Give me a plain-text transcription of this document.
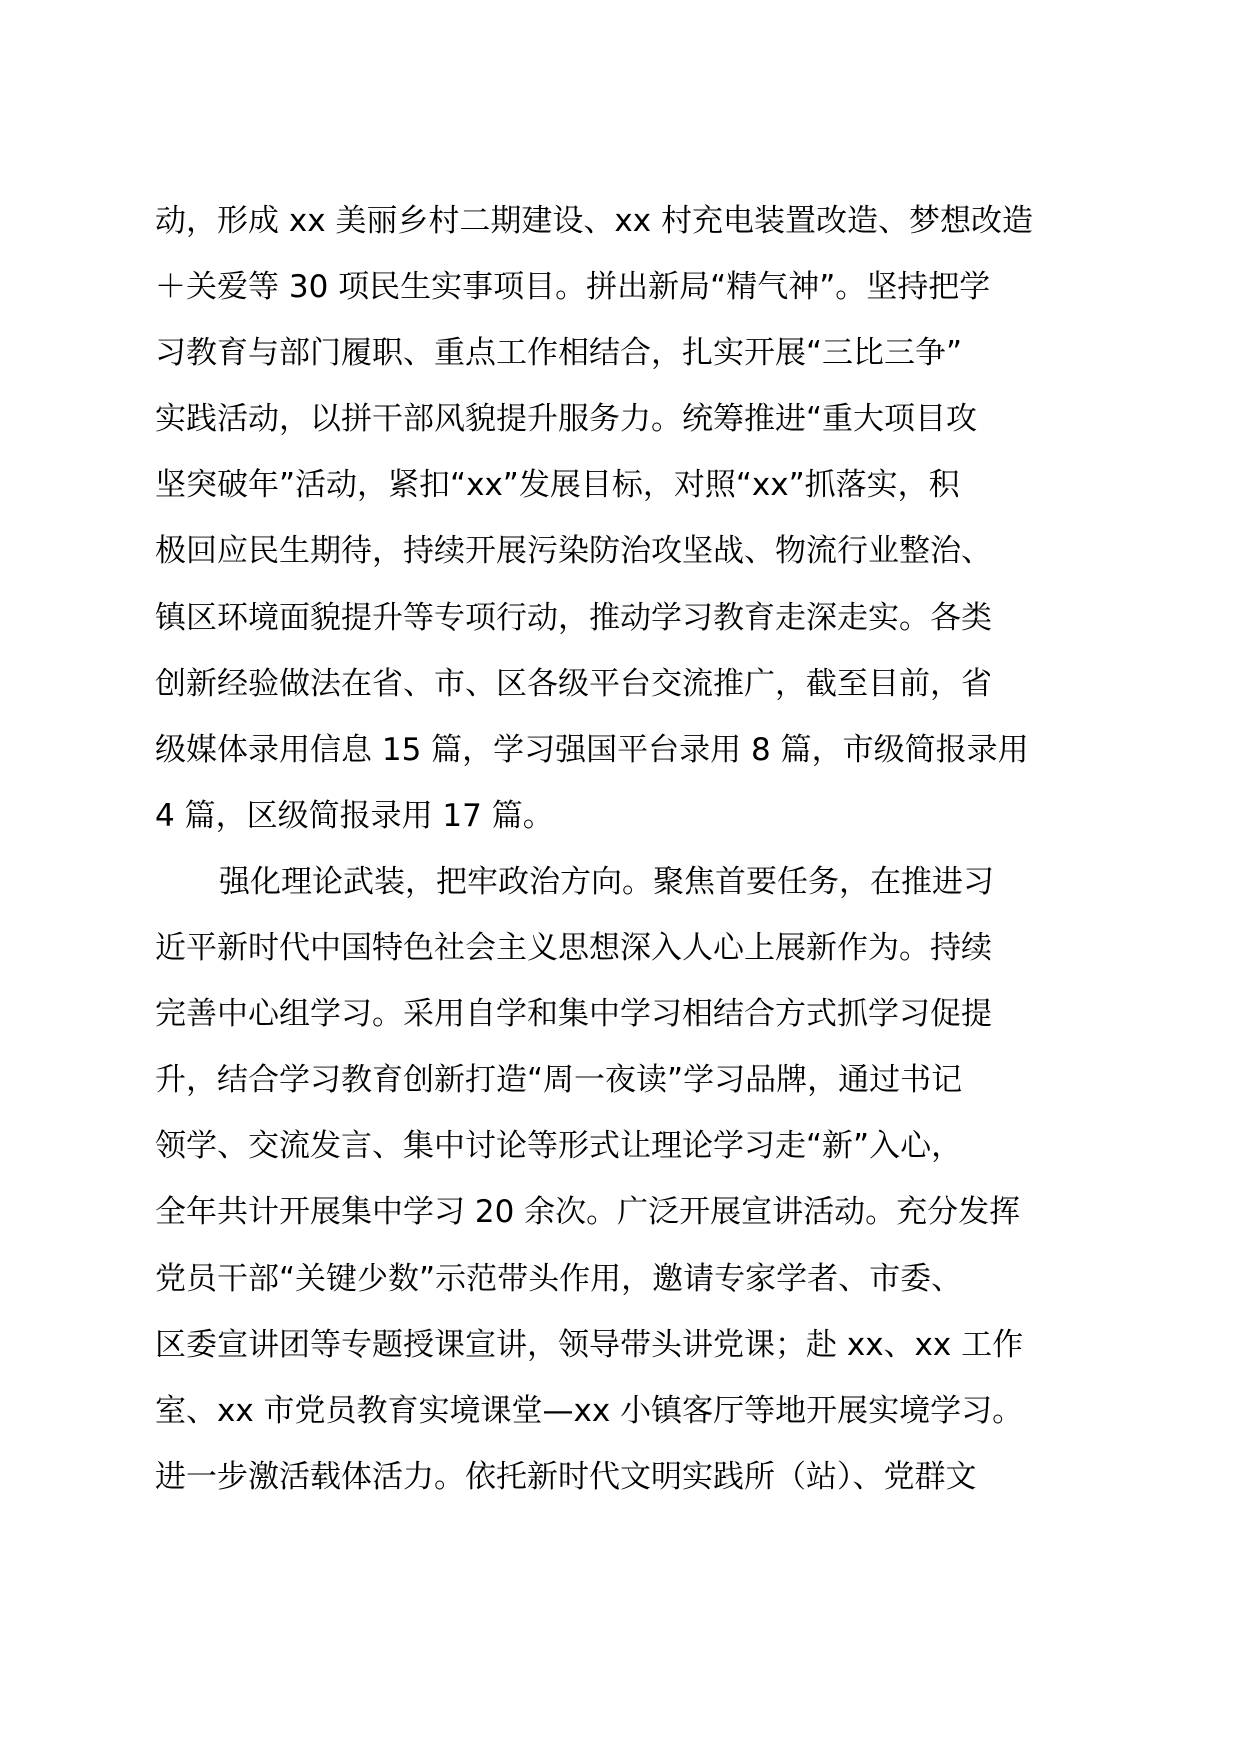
动，形成 xx 美丽乡村二期建设、xx 村充电装置改造、梦想改造
＋关爱等 30 项民生实事项目。拼出新局“精气神”。坚持把学
习教育与部门履职、重点工作相结合，扎实开展“三比三争”
实践活动，以拼干部风貌提升服务力。统筹推进“重大项目攻
坚突破年”活动，紧扣“xx”发展目标，对照“xx”抓落实，积
极回应民生期待，持续开展污染防治攻坚战、物流行业整治、
镇区环境面貌提升等专项行动，推动学习教育走深走实。各类
创新经验做法在省、市、区各级平台交流推广，截至目前，省
级媒体录用信息 15 篇，学习强国平台录用 8 篇，市级简报录用
4 篇，区级简报录用 17 篇。
强化理论武装，把牢政治方向。聚焦首要任务，在推进习
近平新时代中国特色社会主义思想深入人心上展新作为。持续
完善中心组学习。采用自学和集中学习相结合方式抓学习促提
升，结合学习教育创新打造“周一夜读”学习品牌，通过书记
领学、交流发言、集中讨论等形式让理论学习走“新”入心，
全年共计开展集中学习 20 余次。广泛开展宣讲活动。充分发挥
党员干部“关键少数”示范带头作用，邀请专家学者、市委、
区委宣讲团等专题授课宣讲，领导带头讲党课；赴 xx、xx 工作
室、xx 市党员教育实境课堂—xx 小镇客厅等地开展实境学习。
进一步激活载体活力。依托新时代文明实践所（站）、党群文
